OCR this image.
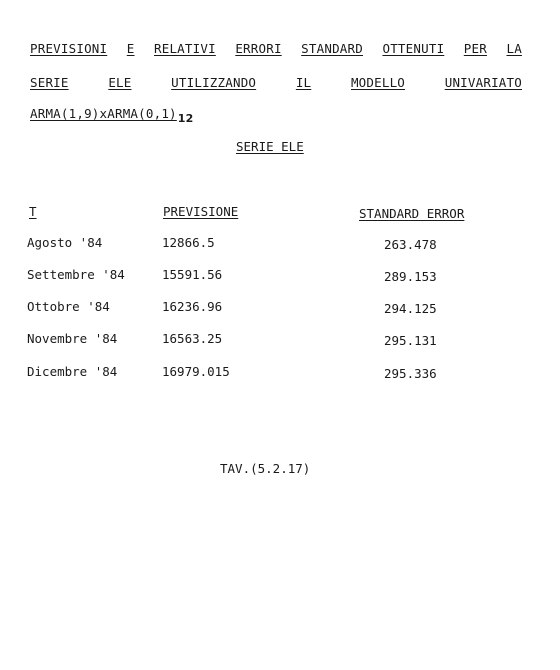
PREVISIONI E RELATIVI ERRORI STANDARD OTTENUTI PER LA
SERIE	ELE	UTILIZZANDO	IL	MODELLO	UNIVARIATO
ARMA(1,9)xARMA(0,1)12
SERIE ELE
T	PREVISIONE	STANDARD ERROR
Agosto '84	12866.5	263.478
Settembre '84	15591.56	289.153
Ottobre '84	16236.96	294.125
Novembre '84	16563.25	295.131
Dicembre '84	16979.015	295.336
TAV.(5.2.17)
